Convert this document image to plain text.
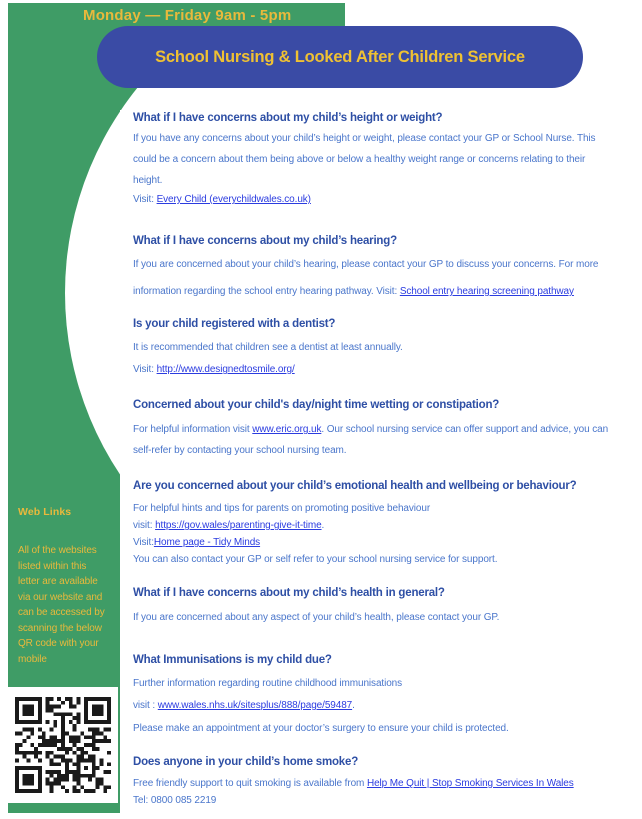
Monday — Friday 9am - 5pm
School Nursing & Looked After Children Service
What if I have concerns about my child’s height or weight?
If you have any concerns about your child’s height or weight, please contact your GP or School Nurse. This
could be a concern about them being above or below a healthy weight range or concerns relating to their
height.
Visit: Every Child (everychildwales.co.uk)
What if I have concerns about my child’s hearing?
If you are concerned about your child’s hearing, please contact your GP to discuss your concerns. For more
information regarding the school entry hearing pathway. Visit: School entry hearing screening pathway
Is your child registered with a dentist?
It is recommended that children see a dentist at least annually.
Visit: http://www.designedtosmile.org/
Concerned about your child's day/night time wetting or constipation?
For helpful information visit www.eric.org.uk. Our school nursing service can offer support and advice, you can
self-refer by contacting your school nursing team.
Are you concerned about your child’s emotional health and wellbeing or behaviour?
For helpful hints and tips for parents on promoting positive behaviour
visit: https://gov.wales/parenting-give-it-time.
Visit:Home page - Tidy Minds
You can also contact your GP or self refer to your school nursing service for support.
What if I have concerns about my child’s health in general?
If you are concerned about any aspect of your child’s health, please contact your GP.
What Immunisations is my child due?
Further information regarding routine childhood immunisations
visit : www.wales.nhs.uk/sitesplus/888/page/59487.
Please make an appointment at your doctor’s surgery to ensure your child is protected.
Does anyone in your child’s home smoke?
Free friendly support to quit smoking is available from Help Me Quit | Stop Smoking Services In Wales
Tel: 0800 085 2219
Web Links
All of the websites
listed within this
letter are available
via our website and
can be accessed by
scanning the below
QR code with your
mobile
